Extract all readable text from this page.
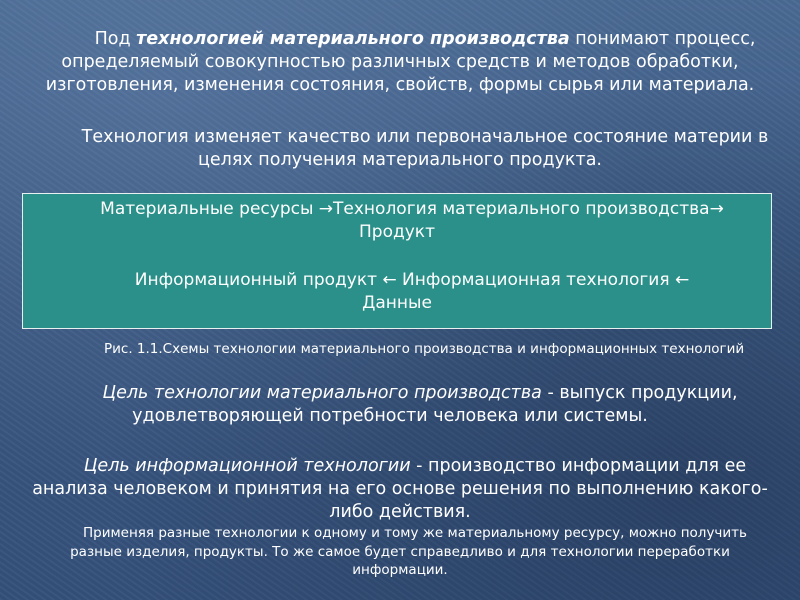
Под технологией материального производства понимают процесс,
определяемый совокупностью различных средств и методов обработки,
изготовления, изменения состояния, свойств, формы сырья или материала.
Технология изменяет качество или первоначальное состояние материи в
целях получения материального продукта.
Материальные ресурсы →Технология материального производства→
Продукт
Информационный продукт ← Информационная технология ←
Данные
Рис. 1.1.Схемы технологии материального производства и информационных технологий
Цель технологии материального производства - выпуск продукции,
удовлетворяющей потребности человека или системы.
Цель информационной технологии - производство информации для ее
анализа человеком и принятия на его основе решения по выполнению какого-
либо действия.
Применяя разные технологии к одному и тому же материальному ресурсу, можно получить
разные изделия, продукты. То же самое будет справедливо и для технологии переработки
информации.
